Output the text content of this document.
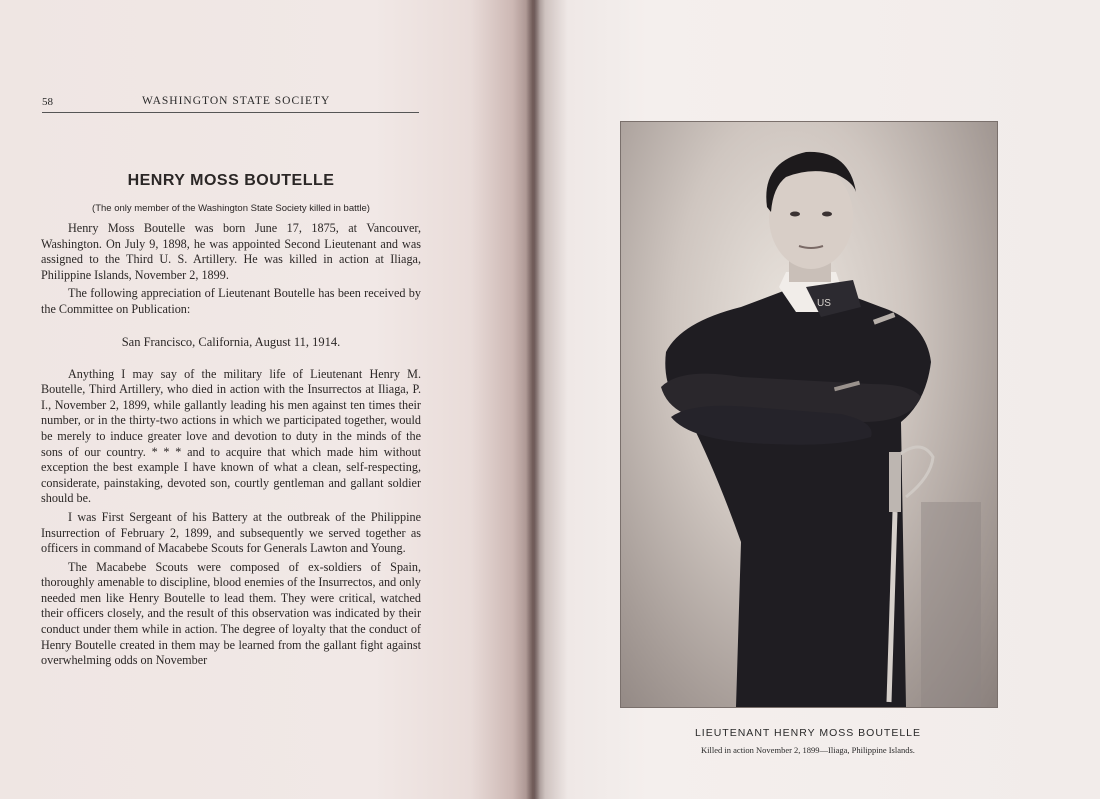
58	WASHINGTON STATE SOCIETY

HENRY MOSS BOUTELLE

(The only member of the Washington State Society killed in battle)

Henry Moss Boutelle was born June 17, 1875, at Vancouver, Washington. On July 9, 1898, he was appointed Second Lieutenant and was assigned to the Third U. S. Artillery. He was killed in action at Iliaga, Philippine Islands, November 2, 1899.

The following appreciation of Lieutenant Boutelle has been received by the Committee on Publication:

San Francisco, California, August 11, 1914.

Anything I may say of the military life of Lieutenant Henry M. Boutelle, Third Artillery, who died in action with the Insurrectos at Iliaga, P. I., November 2, 1899, while gallantly leading his men against ten times their number, or in the thirty-two actions in which we participated together, would be merely to induce greater love and devotion to duty in the minds of the sons of our country. * * * and to acquire that which made him without exception the best example I have known of what a clean, self-respecting, considerate, painstaking, devoted son, courtly gentleman and gallant soldier should be.

I was First Sergeant of his Battery at the outbreak of the Philippine Insurrection of February 2, 1899, and subsequently we served together as officers in command of Macabebe Scouts for Generals Lawton and Young.

The Macabebe Scouts were composed of ex-soldiers of Spain, thoroughly amenable to discipline, blood enemies of the Insurrectos, and only needed men like Henry Boutelle to lead them. They were critical, watched their officers closely, and the result of this observation was indicated by their conduct under them while in action. The degree of loyalty that the conduct of Henry Boutelle created in them may be learned from the gallant fight against overwhelming odds on November

US
LIEUTENANT HENRY MOSS BOUTELLE
Killed in action November 2, 1899—Iliaga, Philippine Islands.
